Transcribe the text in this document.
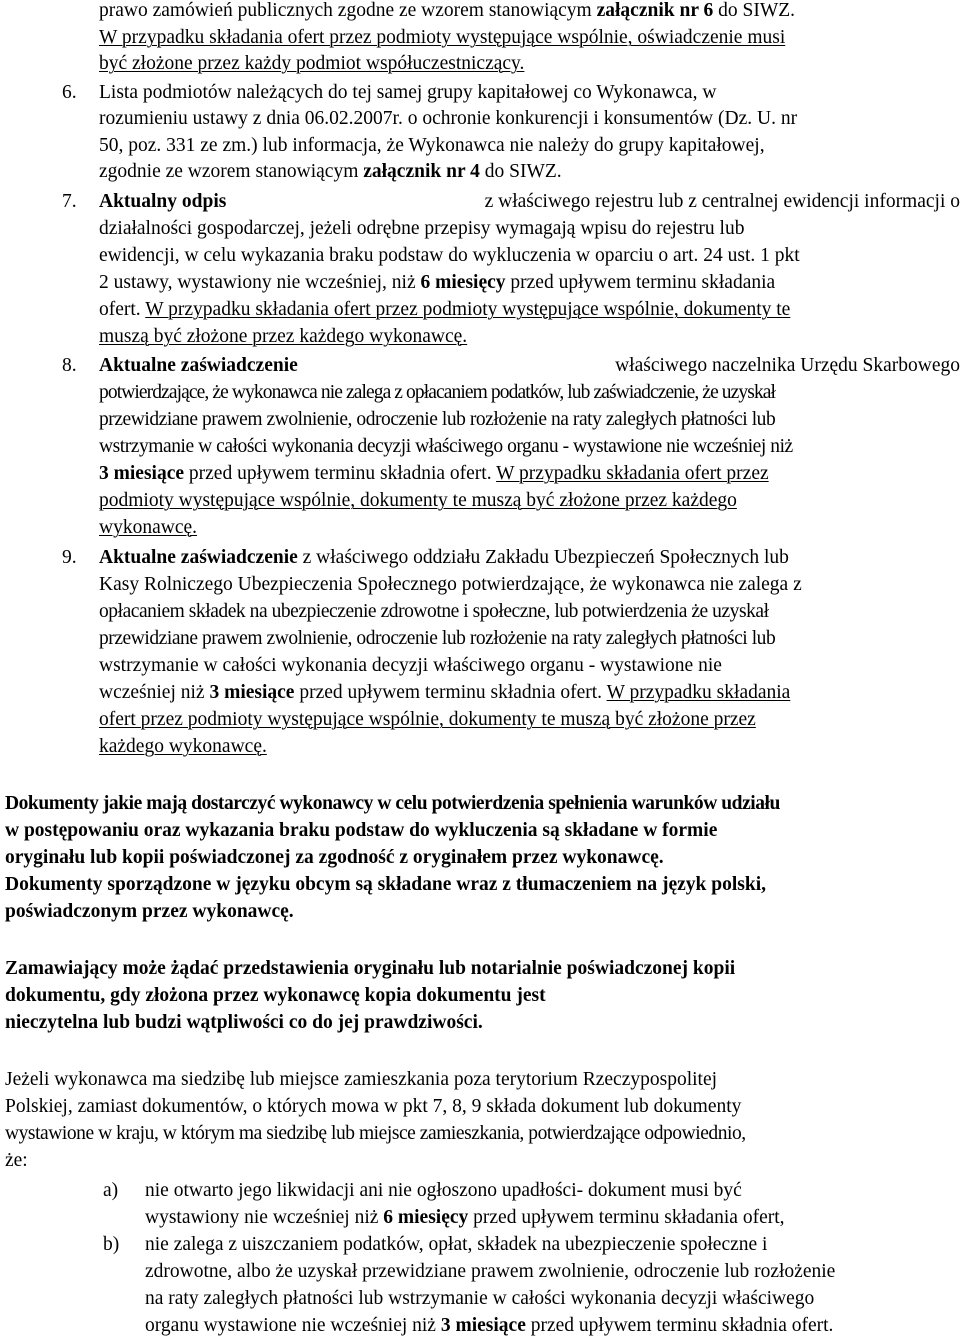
prawo zamówień publicznych zgodne ze wzorem stanowiącym załącznik nr 6 do SIWZ.
W przypadku składania ofert przez podmioty występujące wspólnie, oświadczenie musi
być złożone przez każdy podmiot współuczestniczący.
6. Lista podmiotów należących do tej samej grupy kapitałowej co Wykonawca, w
rozumieniu ustawy z dnia 06.02.2007r. o ochronie konkurencji i konsumentów (Dz. U. nr
50, poz. 331 ze zm.) lub informacja, że Wykonawca nie należy do grupy kapitałowej,
zgodnie ze wzorem stanowiącym załącznik nr 4 do SIWZ.
7. Aktualny odpis	z właściwego rejestru lub z centralnej ewidencji informacji o
działalności gospodarczej, jeżeli odrębne przepisy wymagają wpisu do rejestru lub
ewidencji, w celu wykazania braku podstaw do wykluczenia w oparciu o art. 24 ust. 1 pkt
2 ustawy, wystawiony nie wcześniej, niż 6 miesięcy przed upływem terminu składania
ofert. W przypadku składania ofert przez podmioty występujące wspólnie, dokumenty te
muszą być złożone przez każdego wykonawcę.
8. Aktualne zaświadczenie	właściwego naczelnika Urzędu Skarbowego
potwierdzające, że wykonawca nie zalega z opłacaniem podatków, lub zaświadczenie, że uzyskał
przewidziane prawem zwolnienie, odroczenie lub rozłożenie na raty zaległych płatności lub
wstrzymanie w całości wykonania decyzji właściwego organu - wystawione nie wcześniej niż
3 miesiące przed upływem terminu składnia ofert. W przypadku składania ofert przez
podmioty występujące wspólnie, dokumenty te muszą być złożone przez każdego
wykonawcę.
9. Aktualne zaświadczenie z właściwego oddziału Zakładu Ubezpieczeń Społecznych lub
Kasy Rolniczego Ubezpieczenia Społecznego potwierdzające, że wykonawca nie zalega z
opłacaniem składek na ubezpieczenie zdrowotne i społeczne, lub potwierdzenia że uzyskał
przewidziane prawem zwolnienie, odroczenie lub rozłożenie na raty zaległych płatności lub
wstrzymanie w całości wykonania decyzji właściwego organu - wystawione nie
wcześniej niż 3 miesiące przed upływem terminu składnia ofert. W przypadku składania
ofert przez podmioty występujące wspólnie, dokumenty te muszą być złożone przez
każdego wykonawcę.
Dokumenty jakie mają dostarczyć wykonawcy w celu potwierdzenia spełnienia warunków udziału
w postępowaniu oraz wykazania braku podstaw do wykluczenia są składane w formie
oryginału lub kopii poświadczonej za zgodność z oryginałem przez wykonawcę.
Dokumenty sporządzone w języku obcym są składane wraz z tłumaczeniem na język polski,
poświadczonym przez wykonawcę.
Zamawiający może żądać przedstawienia oryginału lub notarialnie poświadczonej kopii
dokumentu, gdy złożona przez wykonawcę kopia dokumentu jest
nieczytelna lub budzi wątpliwości co do jej prawdziwości.
Jeżeli wykonawca ma siedzibę lub miejsce zamieszkania poza terytorium Rzeczypospolitej
Polskiej, zamiast dokumentów, o których mowa w pkt 7, 8, 9 składa dokument lub dokumenty
wystawione w kraju, w którym ma siedzibę lub miejsce zamieszkania, potwierdzające odpowiednio,
że:
a) nie otwarto jego likwidacji ani nie ogłoszono upadłości- dokument musi być
wystawiony nie wcześniej niż 6 miesięcy przed upływem terminu składania ofert,
b) nie zalega z uiszczaniem podatków, opłat, składek na ubezpieczenie społeczne i
zdrowotne, albo że uzyskał przewidziane prawem zwolnienie, odroczenie lub rozłożenie
na raty zaległych płatności lub wstrzymanie w całości wykonania decyzji właściwego
organu wystawione nie wcześniej niż 3 miesiące przed upływem terminu składnia ofert.
